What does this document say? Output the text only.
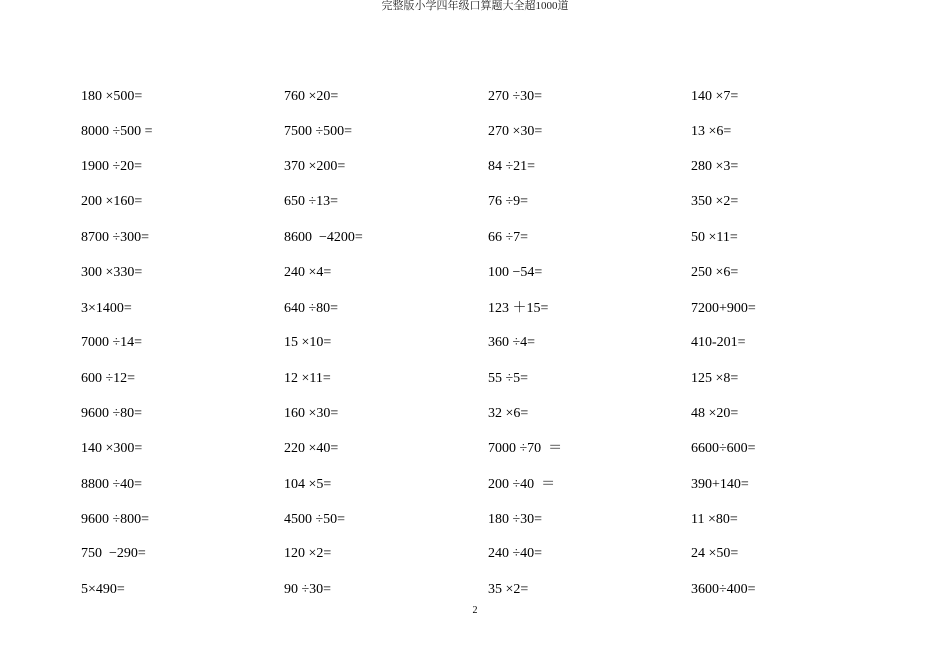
完整版小学四年级口算题大全超1000道
180 ×500=
8000 ÷500 =
1900 ÷20=
200 ×160=
8700 ÷300=
300 ×330=
3×1400=
7000 ÷14=
600 ÷12=
9600 ÷80=
140 ×300=
8800 ÷40=
9600 ÷800=
750  −290=
5×490=
760 ×20=
7500 ÷500=
370 ×200=
650 ÷13=
8600  −4200=
240 ×4=
640 ÷80=
15 ×10=
12 ×11=
160 ×30=
220 ×40=
104 ×5=
4500 ÷50=
120 ×2=
90 ÷30=
270 ÷30=
270 ×30=
84 ÷21=
76 ÷9=
66 ÷7=
100 −54=
123 ＋15=
360 ÷4=
55 ÷5=
32 ×6=
7000 ÷70  ＝
200 ÷40  ＝
180 ÷30=
240 ÷40=
35 ×2=
140 ×7=
13 ×6=
280 ×3=
350 ×2=
50 ×11=
250 ×6=
7200+900=
410-201=
125 ×8=
48 ×20=
6600÷600=
390+140=
11 ×80=
24 ×50=
3600÷400=
2
